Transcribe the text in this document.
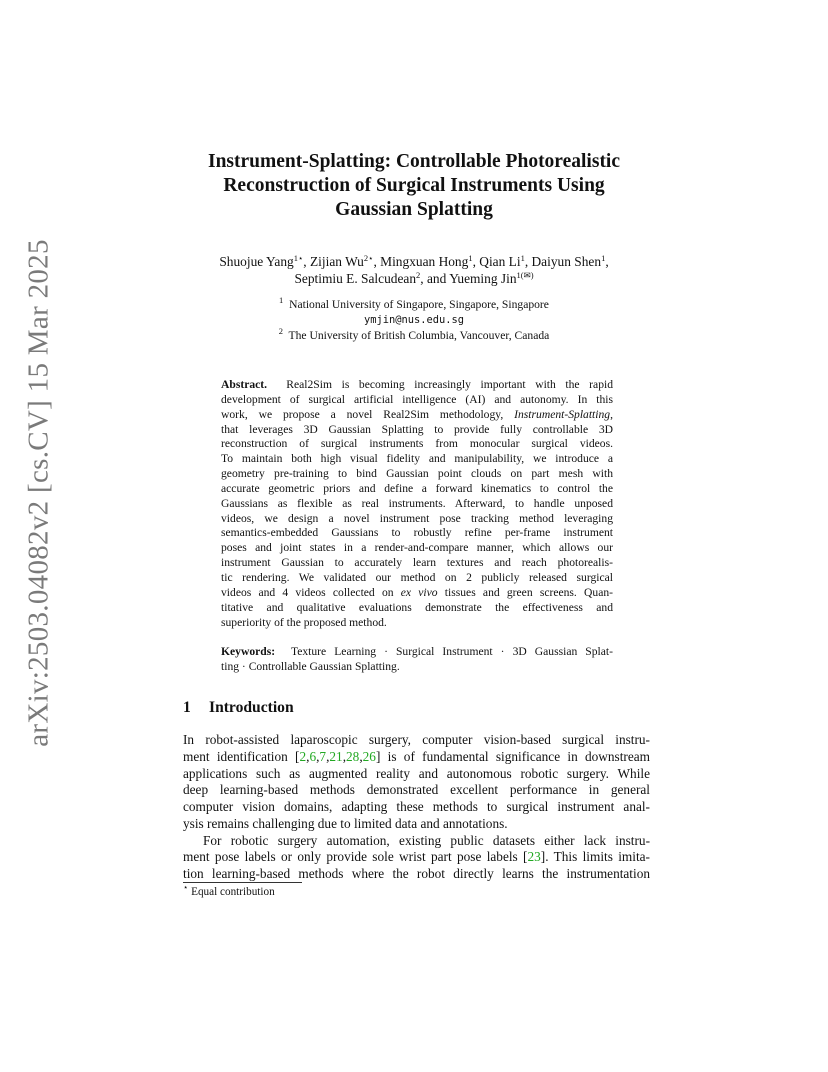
arXiv:2503.04082v2 [cs.CV] 15 Mar 2025
Instrument-Splatting: Controllable Photorealistic
Reconstruction of Surgical Instruments Using
Gaussian Splatting
Shuojue Yang$^{1⋆}$, Zijian $Wu^{2⋆}$, Mingxuan Hong$^1$, Qian Li$^1$, Daiyun Shen$^1$,
Septimiu E. Salcudean$^2$, and Yueming Jin$^{1(✉)}$
$^1$ National University of Singapore, Singapore, Singapore
ymjin@nus.edu.sg
$^2$ The University of British Columbia, Vancouver, Canada
Abstract. Real2Sim is becoming increasingly important with the rapid
development of surgical artificial intelligence (AI) and autonomy. In this
work, we propose a novel Real2Sim methodology, Instrument-Splatting,
that leverages 3D Gaussian Splatting to provide fully controllable 3D
reconstruction of surgical instruments from monocular surgical videos.
To maintain both high visual fidelity and manipulability, we introduce a
geometry pre-training to bind Gaussian point clouds on part mesh with
accurate geometric priors and define a forward kinematics to control the
Gaussians as flexible as real instruments. Afterward, to handle unposed
videos, we design a novel instrument pose tracking method leveraging
semantics-embedded Gaussians to robustly refine per-frame instrument
poses and joint states in a render-and-compare manner, which allows our
instrument Gaussian to accurately learn textures and reach photorealis-
tic rendering. We validated our method on 2 publicly released surgical
videos and 4 videos collected on ex vivo tissues and green screens. Quan-
titative and qualitative evaluations demonstrate the effectiveness and
superiority of the proposed method.
Keywords: Texture Learning · Surgical Instrument · 3D Gaussian Splat-
ting · Controllable Gaussian Splatting.
1 Introduction
In robot-assisted laparoscopic surgery, computer vision-based surgical instru-
ment identification [2,6,7,21,28,26] is of fundamental significance in downstream
applications such as augmented reality and autonomous robotic surgery. While
deep learning-based methods demonstrated excellent performance in general
computer vision domains, adapting these methods to surgical instrument anal-
ysis remains challenging due to limited data and annotations.
For robotic surgery automation, existing public datasets either lack instru-
ment pose labels or only provide sole wrist part pose labels [23]. This limits imita-
tion learning-based methods where the robot directly learns the instrumentation
⋆ Equal contribution
